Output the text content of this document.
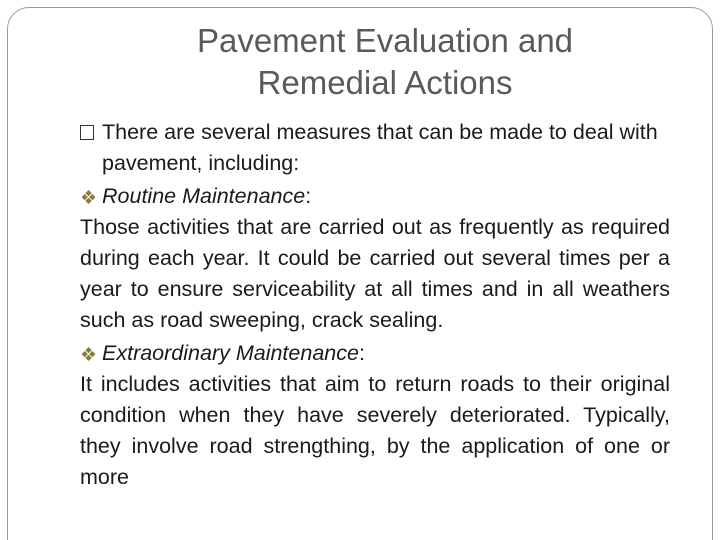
Pavement Evaluation and
Remedial Actions
There are several measures that can be made to deal with pavement, including:
❖ Routine Maintenance:
Those activities that are carried out as frequently as required during each year. It could be carried out several times per a year to ensure serviceability at all times and in all weathers such as road sweeping, crack sealing.
❖ Extraordinary Maintenance:
It includes activities that aim to return roads to their original condition when they have severely deteriorated. Typically, they involve road strengthing, by the application of one or more
